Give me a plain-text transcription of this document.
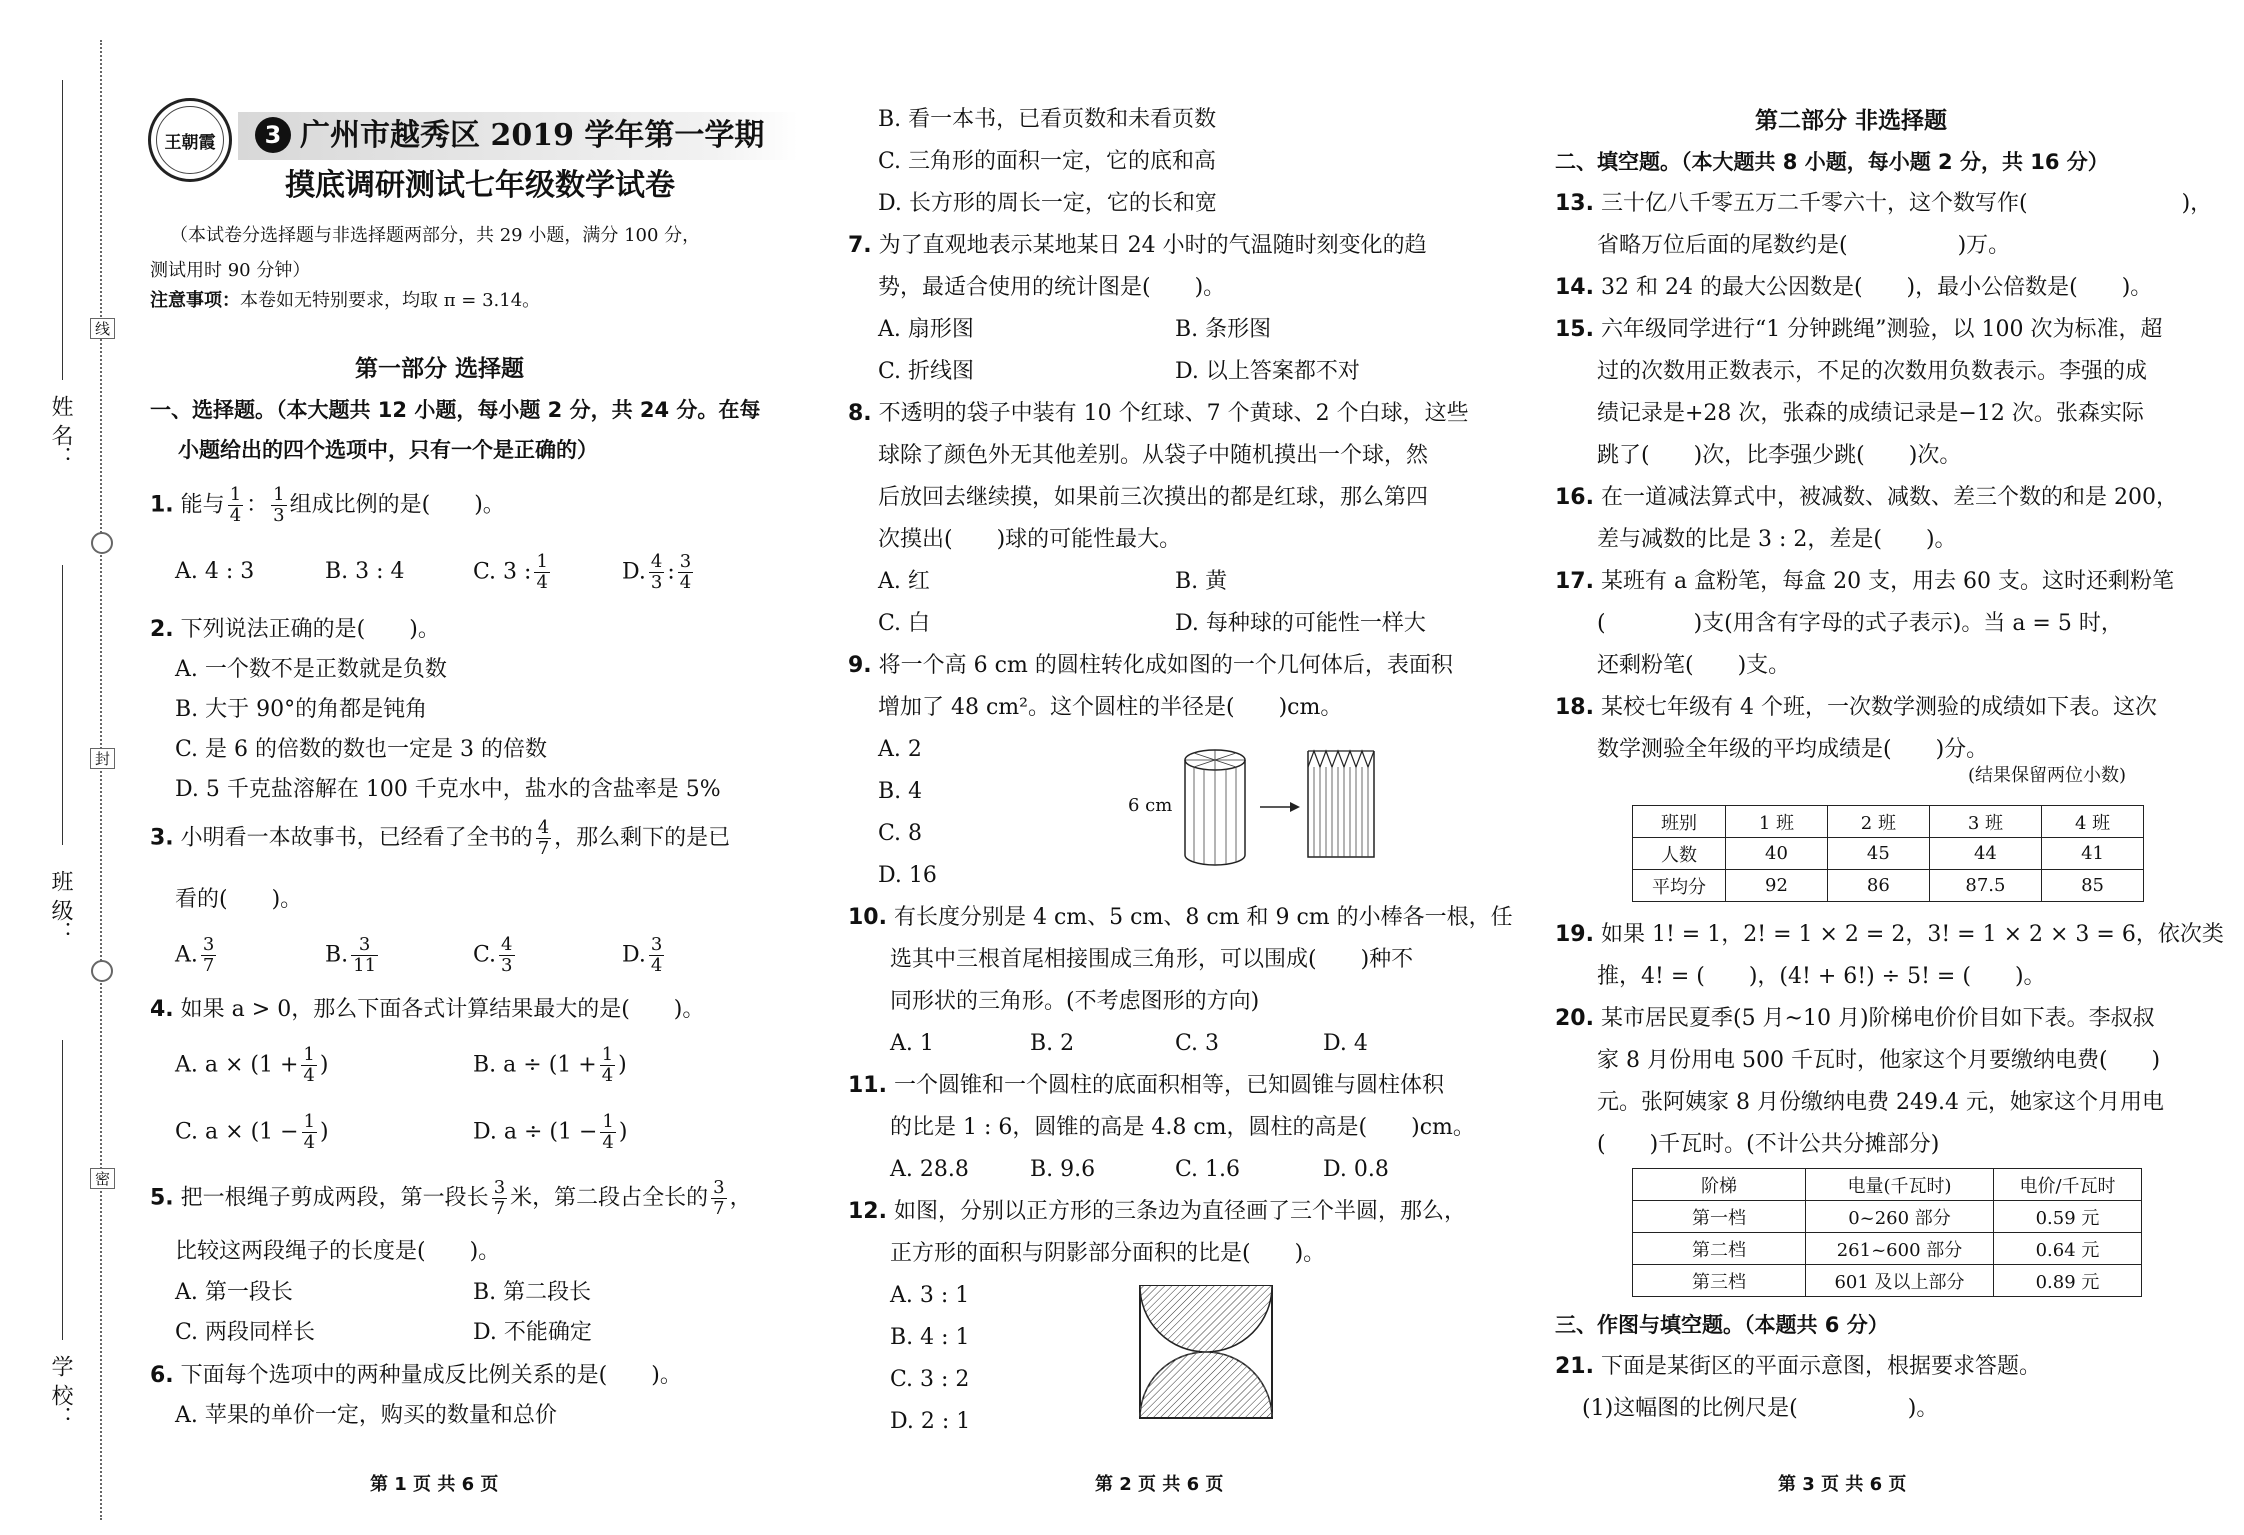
姓 名：
班 级：
学 校：
线
封
密
王朝霞	3 广州市越秀区 2019 学年第一学期
摸底调研测试七年级数学试卷
（本试卷分选择题与非选择题两部分，共 29 小题，满分 100 分，
测试用时 90 分钟）
注意事项：本卷如无特别要求，均取 π = 3.14。
第一部分 选择题
一、选择题。（本大题共 12 小题，每小题 2 分，共 24 分。在每
小题给出的四个选项中，只有一个是正确的）
1. 能与 $\frac{1}{4}$ ： $\frac{1}{3}$ 组成比例的是(　　)。
A. 4 : 3	B. 3 : 4	C. 3 : $\frac{1}{4}$	D. $\frac{4}{3}$ : $\frac{3}{4}$
2. 下列说法正确的是(　　)。
A. 一个数不是正数就是负数
B. 大于 90°的角都是钝角
C. 是 6 的倍数的数也一定是 3 的倍数
D. 5 千克盐溶解在 100 千克水中，盐水的含盐率是 5%
3. 小明看一本故事书，已经看了全书的 $\frac{4}{7}$ ，那么剩下的是已
看的(　　)。
A. $\frac{3}{7}$	B. $\frac{3}{11}$	C. $\frac{4}{3}$	D. $\frac{3}{4}$
4. 如果 a > 0，那么下面各式计算结果最大的是(　　)。
A. $a \times (1 + \frac{1}{4}$ )	B. $a \div (1 + \frac{1}{4}$ )
C. $a \times (1 - \frac{1}{4}$ )	D. $a \div (1 - \frac{1}{4}$ )
5. 把一根绳子剪成两段，第一段长 $\frac{3}{7}$ 米，第二段占全长的 $\frac{3}{7}$ ，
比较这两段绳子的长度是(　　)。
A. 第一段长	B. 第二段长
C. 两段同样长	D. 不能确定
6. 下面每个选项中的两种量成反比例关系的是(　　)。
A. 苹果的单价一定，购买的数量和总价
第 1 页 共 6 页
B. 看一本书，已看页数和未看页数
C. 三角形的面积一定，它的底和高
D. 长方形的周长一定，它的长和宽
7. 为了直观地表示某地某日 24 小时的气温随时刻变化的趋
势，最适合使用的统计图是(　　)。
A. 扇形图	B. 条形图
C. 折线图	D. 以上答案都不对
8. 不透明的袋子中装有 10 个红球、7 个黄球、2 个白球，这些
球除了颜色外无其他差别。从袋子中随机摸出一个球，然
后放回去继续摸，如果前三次摸出的都是红球，那么第四
次摸出(　　)球的可能性最大。
A. 红	B. 黄
C. 白	D. 每种球的可能性一样大
9. 将一个高 6 cm 的圆柱转化成如图的一个几何体后，表面积
增加了 48 cm²。这个圆柱的半径是(　　)cm。
A. 2
B. 4
C. 8
D. 16
6 cm
10. 有长度分别是 4 cm、5 cm、8 cm 和 9 cm 的小棒各一根，任
选其中三根首尾相接围成三角形，可以围成(　　)种不
同形状的三角形。(不考虑图形的方向)
A. 1	B. 2	C. 3	D. 4
11. 一个圆锥和一个圆柱的底面积相等，已知圆锥与圆柱体积
的比是 1 : 6，圆锥的高是 4.8 cm，圆柱的高是(　　)cm。
A. 28.8	B. 9.6	C. 1.6	D. 0.8
12. 如图，分别以正方形的三条边为直径画了三个半圆，那么，
正方形的面积与阴影部分面积的比是(　　)。
A. 3 : 1
B. 4 : 1
C. 3 : 2
D. 2 : 1
第 2 页 共 6 页
第二部分 非选择题
二、填空题。（本大题共 8 小题，每小题 2 分，共 16 分）
13. 三十亿八千零五万二千零六十，这个数写作(　　　　　　　)，
省略万位后面的尾数约是(　　　　　)万。
14. 32 和 24 的最大公因数是(　　)，最小公倍数是(　　)。
15. 六年级同学进行“1 分钟跳绳”测验，以 100 次为标准，超
过的次数用正数表示，不足的次数用负数表示。李强的成
绩记录是+28 次，张森的成绩记录是−12 次。张森实际
跳了(　　)次，比李强少跳(　　)次。
16. 在一道减法算式中，被减数、减数、差三个数的和是 200，
差与减数的比是 3 : 2，差是(　　)。
17. 某班有 a 盒粉笔，每盒 20 支，用去 60 支。这时还剩粉笔
(　　　　)支(用含有字母的式子表示)。当 a = 5 时，
还剩粉笔(　　)支。
18. 某校七年级有 4 个班，一次数学测验的成绩如下表。这次
数学测验全年级的平均成绩是(　　)分。
(结果保留两位小数)
班别	1 班	2 班	3 班	4 班
人数	40	45	44	41
平均分	92	86	87.5	85
19. 如果 1! = 1，2! = 1 × 2 = 2，3! = 1 × 2 × 3 = 6，依次类
推，4! = (　　)，(4! + 6!) ÷ 5! = (　　)。
20. 某市居民夏季(5 月~10 月)阶梯电价价目如下表。李叔叔
家 8 月份用电 500 千瓦时，他家这个月要缴纳电费(　　)
元。张阿姨家 8 月份缴纳电费 249.4 元，她家这个月用电
(　　)千瓦时。(不计公共分摊部分)
阶梯	电量(千瓦时)	电价/千瓦时
第一档	0~260 部分	0.59 元
第二档	261~600 部分	0.64 元
第三档	601 及以上部分	0.89 元
三、作图与填空题。（本题共 6 分）
21. 下面是某街区的平面示意图，根据要求答题。
(1)这幅图的比例尺是(　　　　　)。
第 3 页 共 6 页
